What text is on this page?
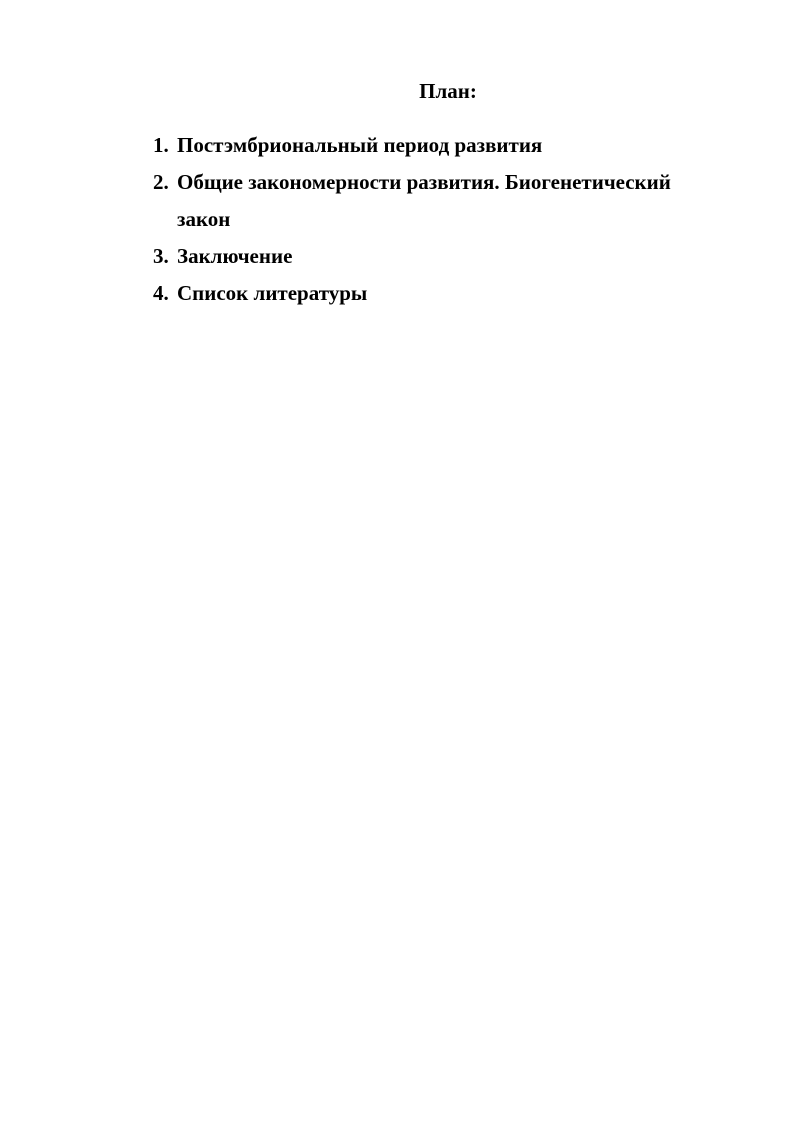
План:
1. Постэмбриональный период развития
2. Общие закономерности развития. Биогенетический закон
3. Заключение
4. Список литературы
